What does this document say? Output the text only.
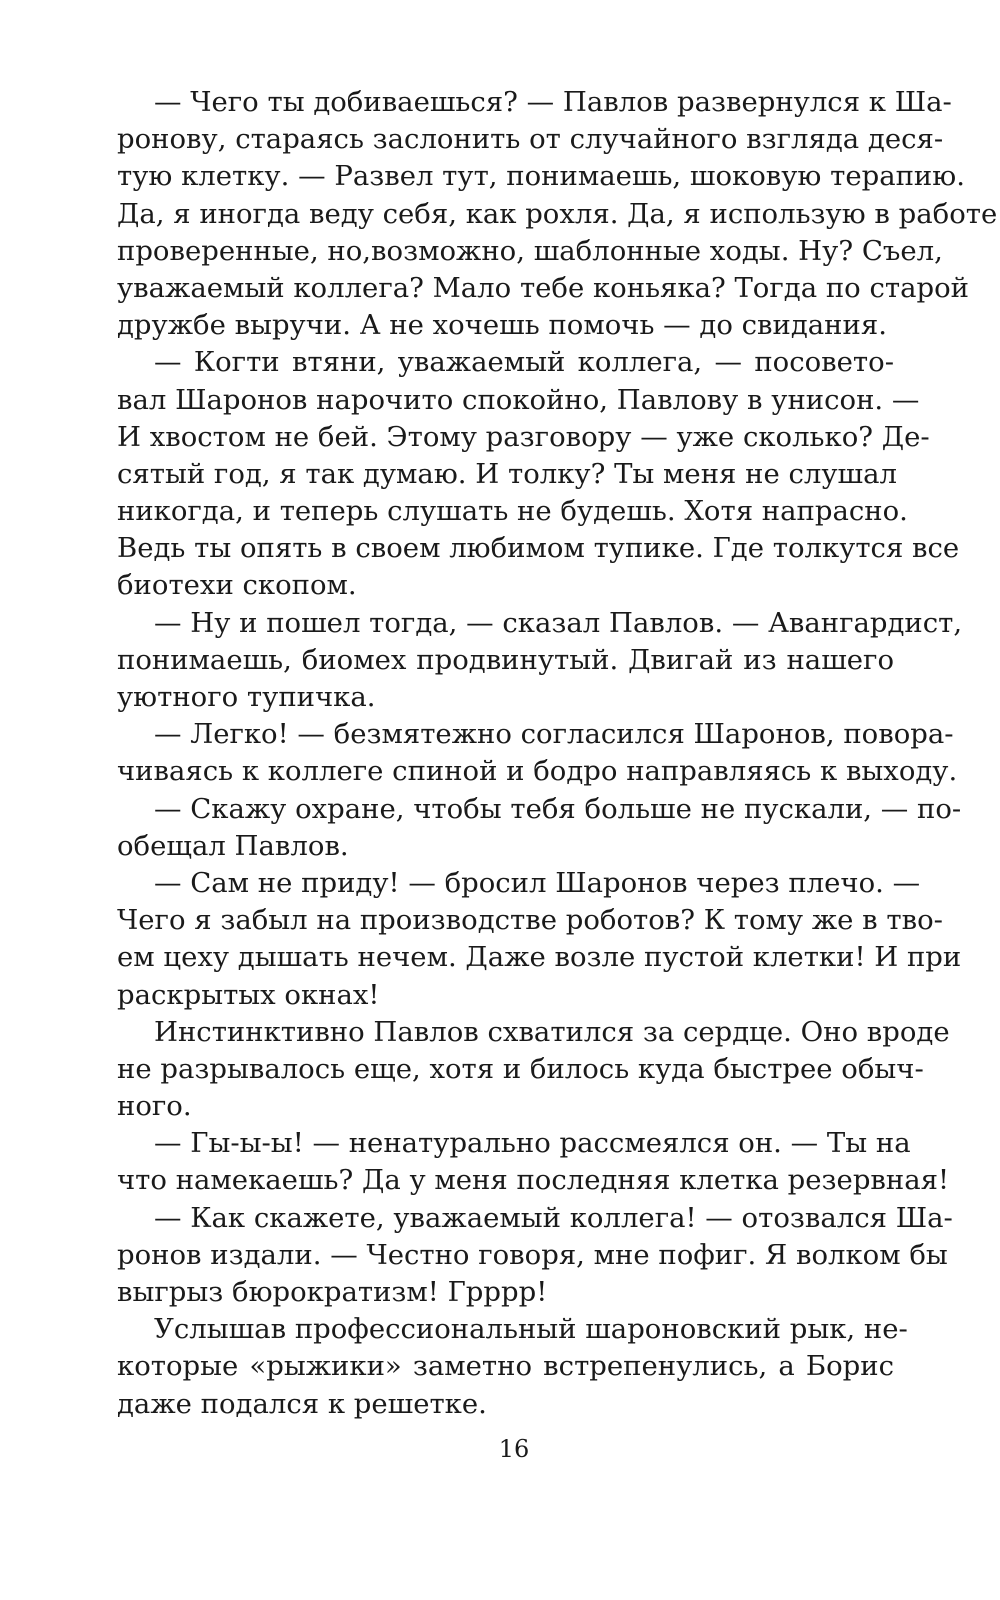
— Чего ты добиваешься? — Павлов развернулся к Ша-
ронову, стараясь заслонить от случайного взгляда деся-
тую клетку. — Развел тут, понимаешь, шоковую терапию.
Да, я иногда веду себя, как рохля. Да, я использую в работе
проверенные, но,возможно, шаблонные ходы. Ну? Съел,
уважаемый коллега? Мало тебе коньяка? Тогда по старой
дружбе выручи. А не хочешь помочь — до свидания.
— Когти втяни, уважаемый коллега, — посовето-
вал Шаронов нарочито спокойно, Павлову в унисон. —
И хвостом не бей. Этому разговору — уже сколько? Де-
сятый год, я так думаю. И толку? Ты меня не слушал
никогда, и теперь слушать не будешь. Хотя напрасно.
Ведь ты опять в своем любимом тупике. Где толкутся все
биотехи скопом.
— Ну и пошел тогда, — сказал Павлов. — Авангардист,
понимаешь, биомех продвинутый. Двигай из нашего
уютного тупичка.
— Легко! — безмятежно согласился Шаронов, повора-
чиваясь к коллеге спиной и бодро направляясь к выходу.
— Скажу охране, чтобы тебя больше не пускали, — по-
обещал Павлов.
— Сам не приду! — бросил Шаронов через плечо. —
Чего я забыл на производстве роботов? К тому же в тво-
ем цеху дышать нечем. Даже возле пустой клетки! И при
раскрытых окнах!
Инстинктивно Павлов схватился за сердце. Оно вроде
не разрывалось еще, хотя и билось куда быстрее обыч-
ного.
— Гы-ы-ы! — ненатурально рассмеялся он. — Ты на
что намекаешь? Да у меня последняя клетка резервная!
— Как скажете, уважаемый коллега! — отозвался Ша-
ронов издали. — Честно говоря, мне пофиг. Я волком бы
выгрыз бюрократизм! Грррр!
Услышав профессиональный шароновский рык, не-
которые «рыжики» заметно встрепенулись, а Борис
даже подался к решетке.
16
